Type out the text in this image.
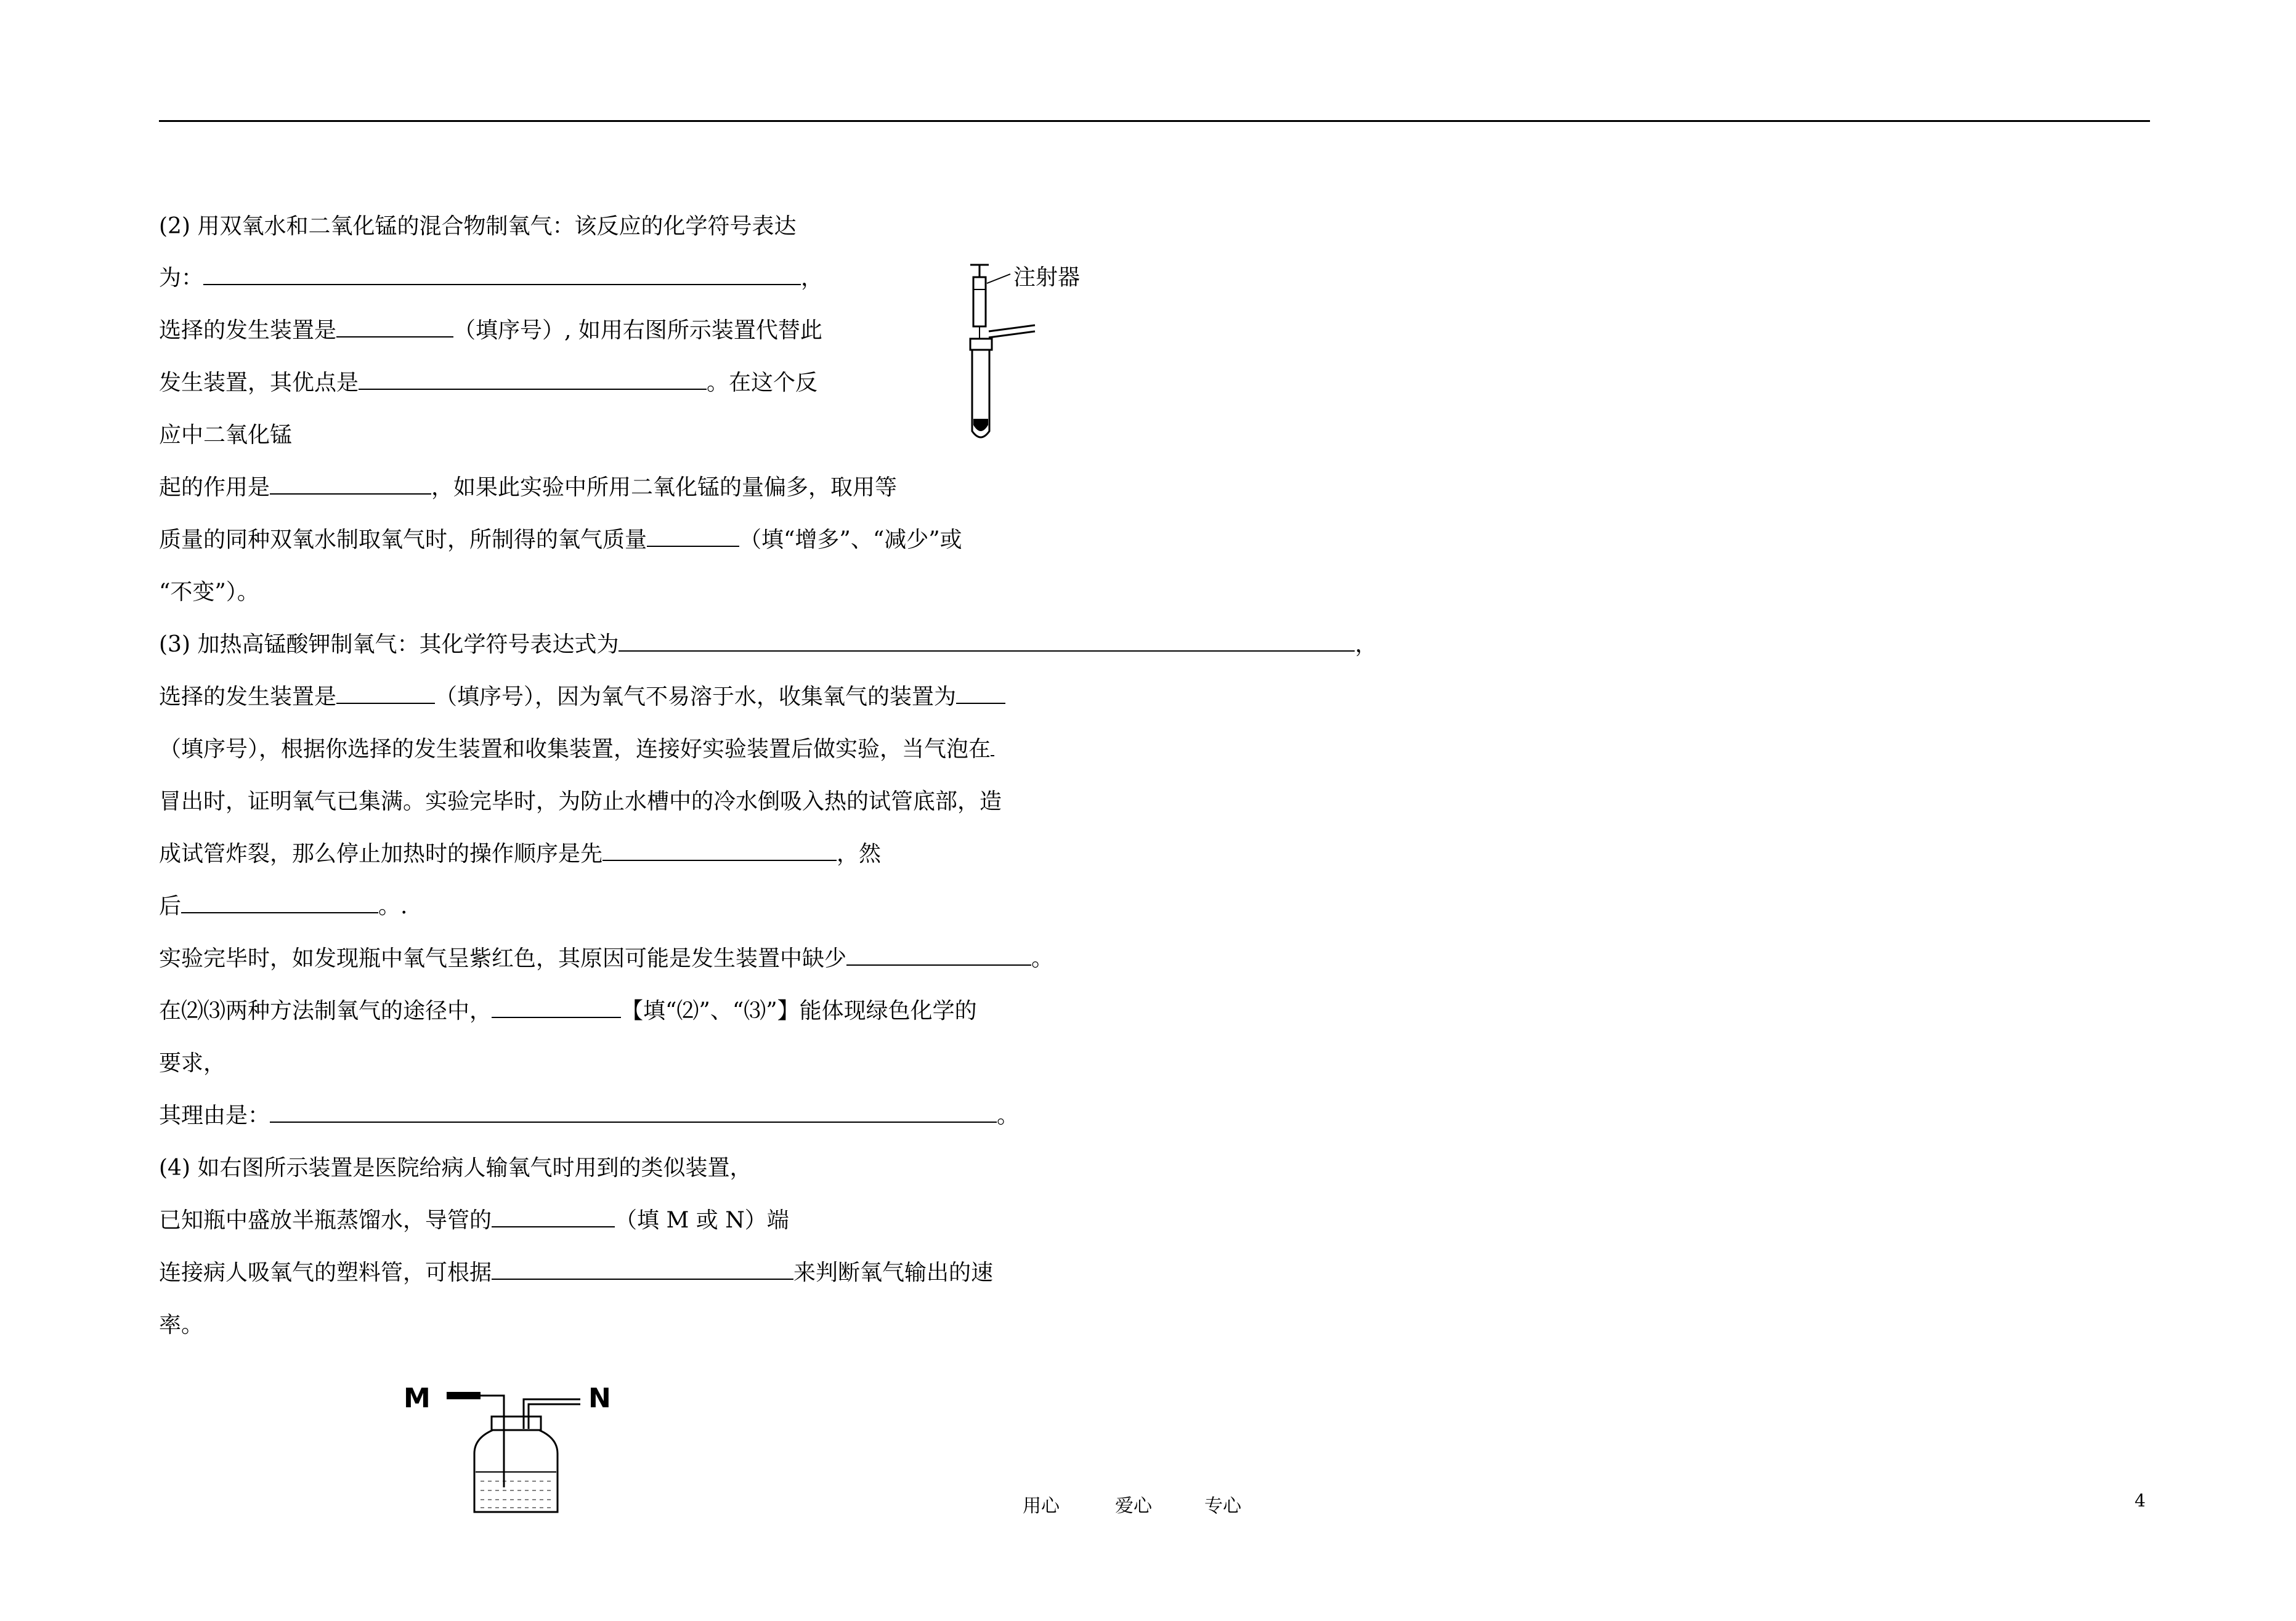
(2) 用双氧水和二氧化锰的混合物制氧气：该反应的化学符号表达
为：	，
选择的发生装置是	（填序号）, 如用右图所示装置代替此
发生装置，其优点是	。在这个反
应中二氧化锰
起的作用是	，如果此实验中所用二氧化锰的量偏多，取用等
质量的同种双氧水制取氧气时，所制得的氧气质量	（填“增多”、“减少”或
“不变”）。
(3) 加热高锰酸钾制氧气：其化学符号表达式为	，
选择的发生装置是	（填序号），因为氧气不易溶于水，收集氧气的装置为
（填序号），根据你选择的发生装置和收集装置，连接好实验装置后做实验，当气泡在
冒出时，证明氧气已集满。实验完毕时，为防止水槽中的冷水倒吸入热的试管底部，造
成试管炸裂，那么停止加热时的操作顺序是先	，然
后	。.
实验完毕时，如发现瓶中氧气呈紫红色，其原因可能是发生装置中缺少	。
在⑵⑶两种方法制氧气的途径中，	【填“⑵”、“⑶”】能体现绿色化学的
要求，
其理由是：	。
(4) 如右图所示装置是医院给病人输氧气时用到的类似装置，
已知瓶中盛放半瓶蒸馏水，导管的	（填 M 或 N）端
连接病人吸氧气的塑料管，可根据	来判断氧气输出的速
率。
注射器
M	N
用心	爱心	专心	4
